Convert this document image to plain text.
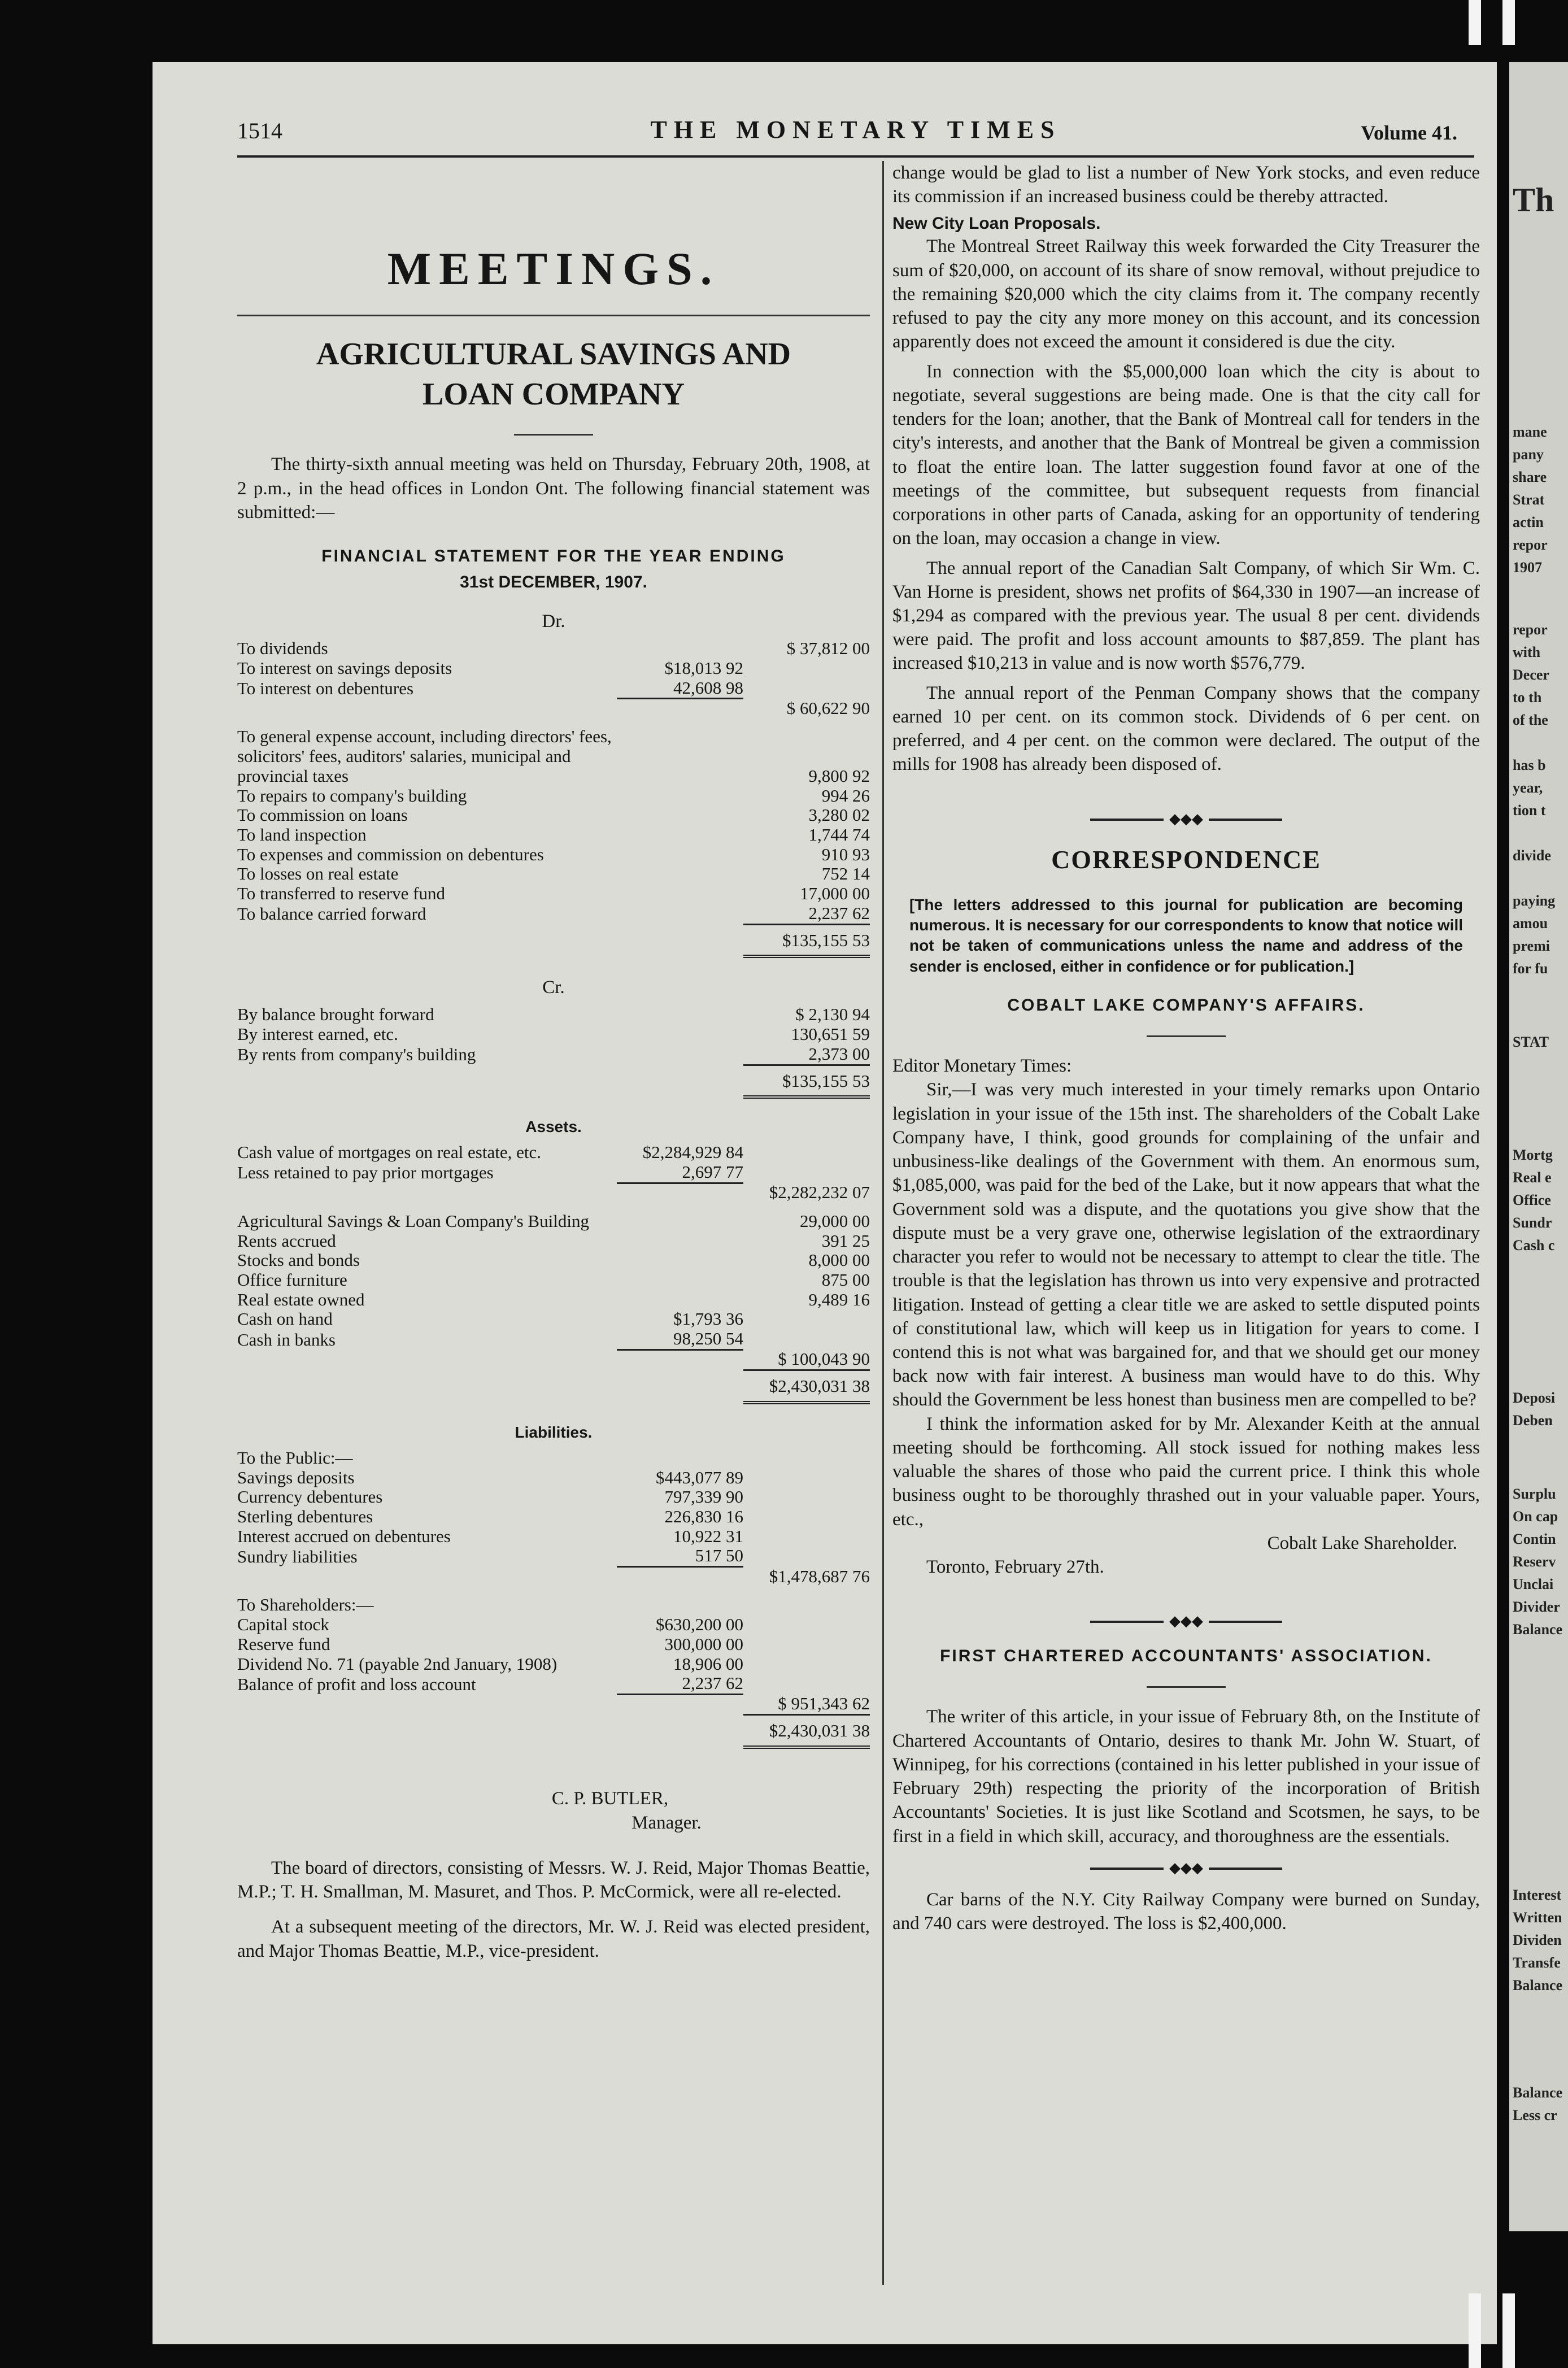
1514	THE MONETARY TIMES	Volume 41.
MEETINGS.
AGRICULTURAL SAVINGS AND
LOAN COMPANY

The thirty-sixth annual meeting was held on Thursday, February 20th, 1908, at 2 p.m., in the head offices in London Ont. The following financial statement was submitted:—

FINANCIAL STATEMENT FOR THE YEAR ENDING
31st DECEMBER, 1907.
Dr.
To dividends		$ 37,812 00
To interest on savings deposits	$18,013 92	
To interest on debentures	42,608 98	
		$ 60,622 90

To general expense account, including directors' fees, solicitors' fees, auditors' salaries, municipal and provincial taxes		9,800 92
To repairs to company's building		994 26
To commission on loans		3,280 02
To land inspection		1,744 74
To expenses and commission on debentures		910 93
To losses on real estate		752 14
To transferred to reserve fund		17,000 00
To balance carried forward		2,237 62
		$135,155 53
Cr.
By balance brought forward		$ 2,130 94
By interest earned, etc.		130,651 59
By rents from company's building		2,373 00
		$135,155 53
Assets.
Cash value of mortgages on real estate, etc.	$2,284,929 84	
Less retained to pay prior mortgages	2,697 77	
		$2,282,232 07

Agricultural Savings & Loan Company's Building		29,000 00
Rents accrued		391 25
Stocks and bonds		8,000 00
Office furniture		875 00
Real estate owned		9,489 16
Cash on hand	$1,793 36	
Cash in banks	98,250 54	
		$ 100,043 90
		$2,430,031 38
Liabilities.
To the Public:—		
Savings deposits	$443,077 89	
Currency debentures	797,339 90	
Sterling debentures	226,830 16	
Interest accrued on debentures	10,922 31	
Sundry liabilities	517 50	
		$1,478,687 76

To Shareholders:—		
Capital stock	$630,200 00	
Reserve fund	300,000 00	
Dividend No. 71 (payable 2nd January, 1908)	18,906 00	
Balance of profit and loss account	2,237 62	
		$ 951,343 62
		$2,430,031 38
C. P. BUTLER,
Manager.

The board of directors, consisting of Messrs. W. J. Reid, Major Thomas Beattie, M.P.; T. H. Smallman, M. Masuret, and Thos. P. McCormick, were all re-elected.

At a subsequent meeting of the directors, Mr. W. J. Reid was elected president, and Major Thomas Beattie, M.P., vice-president.

change would be glad to list a number of New York stocks, and even reduce its commission if an increased business could be thereby attracted.

New City Loan Proposals.

The Montreal Street Railway this week forwarded the City Treasurer the sum of $20,000, on account of its share of snow removal, without prejudice to the remaining $20,000 which the city claims from it. The company recently refused to pay the city any more money on this account, and its concession apparently does not exceed the amount it considered is due the city.

In connection with the $5,000,000 loan which the city is about to negotiate, several suggestions are being made. One is that the city call for tenders for the loan; another, that the Bank of Montreal call for tenders in the city's interests, and another that the Bank of Montreal be given a commission to float the entire loan. The latter suggestion found favor at one of the meetings of the committee, but subsequent requests from financial corporations in other parts of Canada, asking for an opportunity of tendering on the loan, may occasion a change in view.

The annual report of the Canadian Salt Company, of which Sir Wm. C. Van Horne is president, shows net profits of $64,330 in 1907—an increase of $1,294 as compared with the previous year. The usual 8 per cent. dividends were paid. The profit and loss account amounts to $87,859. The plant has increased $10,213 in value and is now worth $576,779.

The annual report of the Penman Company shows that the company earned 10 per cent. on its common stock. Dividends of 6 per cent. on preferred, and 4 per cent. on the common were declared. The output of the mills for 1908 has already been disposed of.

◆◆◆
CORRESPONDENCE

[The letters addressed to this journal for publication are becoming numerous. It is necessary for our correspondents to know that notice will not be taken of communications unless the name and address of the sender is enclosed, either in confidence or for publication.]

COBALT LAKE COMPANY'S AFFAIRS.

Editor Monetary Times:

Sir,—I was very much interested in your timely remarks upon Ontario legislation in your issue of the 15th inst. The shareholders of the Cobalt Lake Company have, I think, good grounds for complaining of the unfair and unbusiness-like dealings of the Government with them. An enormous sum, $1,085,000, was paid for the bed of the Lake, but it now appears that what the Government sold was a dispute, and the quotations you give show that the dispute must be a very grave one, otherwise legislation of the extraordinary character you refer to would not be necessary to attempt to clear the title. The trouble is that the legislation has thrown us into very expensive and protracted litigation. Instead of getting a clear title we are asked to settle disputed points of constitutional law, which will keep us in litigation for years to come. I contend this is not what was bargained for, and that we should get our money back now with fair interest. A business man would have to do this. Why should the Government be less honest than business men are compelled to be?

I think the information asked for by Mr. Alexander Keith at the annual meeting should be forthcoming. All stock issued for nothing makes less valuable the shares of those who paid the current price. I think this whole business ought to be thoroughly thrashed out in your valuable paper. Yours, etc.,

Cobalt Lake Shareholder.

Toronto, February 27th.

◆◆◆
FIRST CHARTERED ACCOUNTANTS' ASSOCIATION.

The writer of this article, in your issue of February 8th, on the Institute of Chartered Accountants of Ontario, desires to thank Mr. John W. Stuart, of Winnipeg, for his corrections (contained in his letter published in your issue of February 29th) respecting the priority of the incorporation of British Accountants' Societies. It is just like Scotland and Scotsmen, he says, to be first in a field in which skill, accuracy, and thoroughness are the essentials.

◆◆◆

Car barns of the N.Y. City Railway Company were burned on Sunday, and 740 cars were destroyed. The loss is $2,400,000.

Th
mane
pany
share
Strat
actin
repor
1907
repor
with
Decer
to th
of the
has b
year,
tion t
divide
paying
amou
premi
for fu
STAT
Mortg
Real e
Office
Sundr
Cash c
Deposi
Deben
Surplu
On cap
Contin
Reserv
Unclai
Divider
Balance
Interest
Written
Dividen
Transfe
Balance
Balance
Less cr
